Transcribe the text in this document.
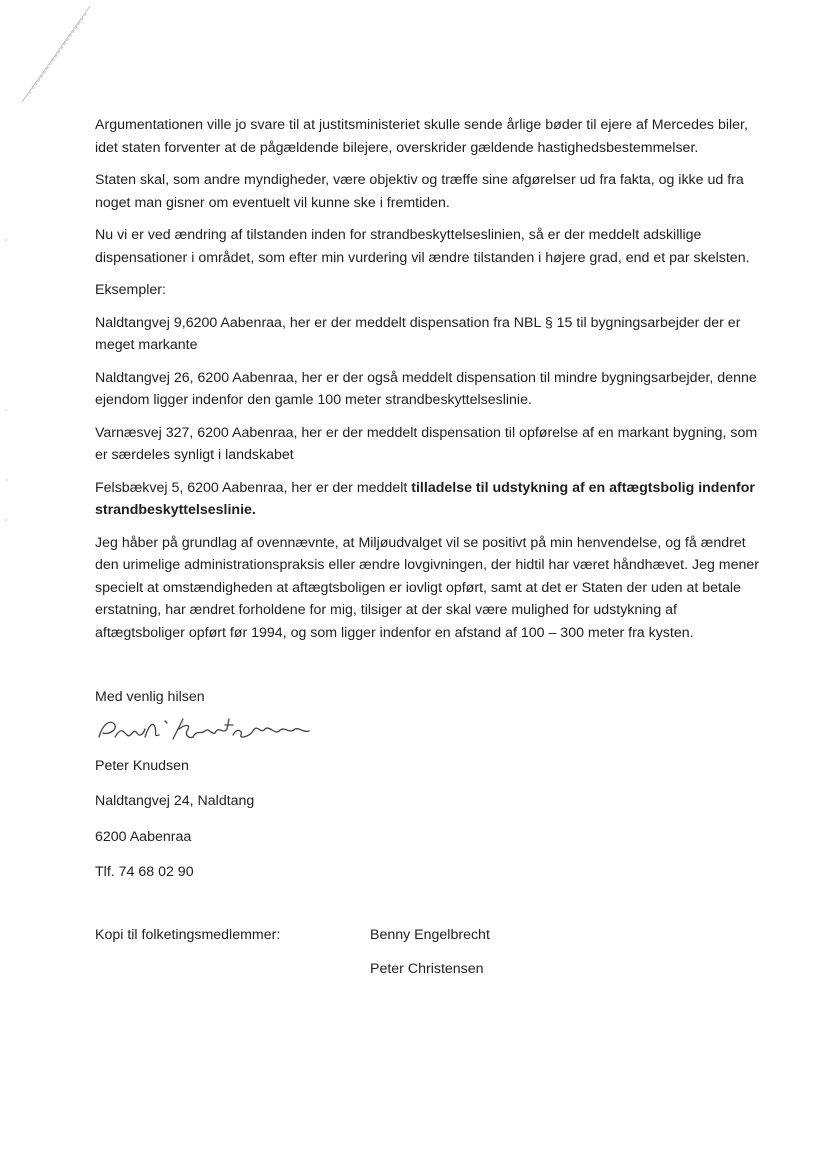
Argumentationen ville jo svare til at justitsministeriet skulle sende årlige bøder til ejere af Mercedes biler, idet staten forventer at de pågældende bilejere, overskrider gældende hastighedsbestemmelser.

Staten skal, som andre myndigheder, være objektiv og træffe sine afgørelser ud fra fakta, og ikke ud fra noget man gisner om eventuelt vil kunne ske i fremtiden.

Nu vi er ved ændring af tilstanden inden for strandbeskyttelseslinien, så er der meddelt adskillige dispensationer i området, som efter min vurdering vil ændre tilstanden i højere grad, end et par skelsten.

Eksempler:

Naldtangvej 9,6200 Aabenraa, her er der meddelt dispensation fra NBL § 15 til bygningsarbejder der er meget markante

Naldtangvej 26, 6200 Aabenraa, her er der også meddelt dispensation til mindre bygningsarbejder, denne ejendom ligger indenfor den gamle 100 meter strandbeskyttelseslinie.

Varnæsvej 327, 6200 Aabenraa, her er der meddelt dispensation til opførelse af en markant bygning, som er særdeles synligt i landskabet

Felsbækvej 5, 6200 Aabenraa, her er der meddelt tilladelse til udstykning af en aftægtsbolig indenfor strandbeskyttelseslinie.

Jeg håber på grundlag af ovennævnte, at Miljøudvalget vil se positivt på min henvendelse, og få ændret den urimelige administrationspraksis eller ændre lovgivningen, der hidtil har været håndhævet. Jeg mener specielt at omstændigheden at aftægtsboligen er iovligt opført, samt at det er Staten der uden at betale erstatning, har ændret forholdene for mig, tilsiger at der skal være mulighed for udstykning af aftægtsboliger opført før 1994, og som ligger indenfor en afstand af 100 – 300 meter fra kysten.

Med venlig hilsen
Peter Knudsen
Naldtangvej 24, Naldtang
6200 Aabenraa
Tlf. 74 68 02 90
Kopi til folketingsmedlemmer:	Benny Engelbrecht
Peter Christensen
